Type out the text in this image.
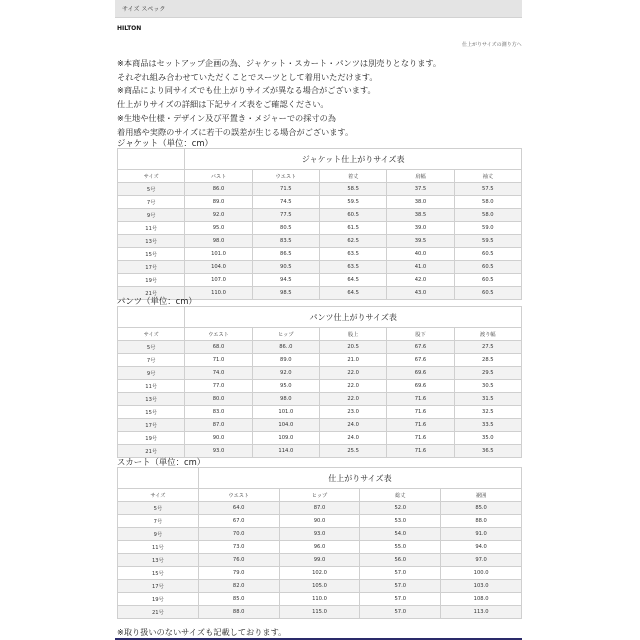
サイズ スペック
HILTON
仕上がりサイズの測り方へ
※本商品はセットアップ企画の為、ジャケット・スカート・パンツは別売りとなります。
それぞれ組み合わせていただくことでスーツとして着用いただけます。
※商品により同サイズでも仕上がりサイズが異なる場合がございます。
仕上がりサイズの詳細は下記サイズ表をご確認ください。
※生地や仕様・デザイン及び平置き・メジャーでの採寸の為
着用感や実際のサイズに若干の誤差が生じる場合がございます。
ジャケット（単位：cm）
	ジャケット仕上がりサイズ表				
サイズ	バスト	ウエスト	着丈	肩幅	袖丈
5号	86.0	71.5	58.5	37.5	57.5
7号	89.0	74.5	59.5	38.0	58.0
9号	92.0	77.5	60.5	38.5	58.0
11号	95.0	80.5	61.5	39.0	59.0
13号	98.0	83.5	62.5	39.5	59.5
15号	101.0	86.5	63.5	40.0	60.5
17号	104.0	90.5	63.5	41.0	60.5
19号	107.0	94.5	64.5	42.0	60.5
21号	110.0	98.5	64.5	43.0	60.5
パンツ（単位：cm）
	パンツ仕上がりサイズ表				
サイズ	ウエスト	ヒップ	股上	股下	渡り幅
5号	68.0	86..0	20.5	67.6	27.5
7号	71.0	89.0	21.0	67.6	28.5
9号	74.0	92.0	22.0	69.6	29.5
11号	77.0	95.0	22.0	69.6	30.5
13号	80.0	98.0	22.0	71.6	31.5
15号	83.0	101.0	23.0	71.6	32.5
17号	87.0	104.0	24.0	71.6	33.5
19号	90.0	109.0	24.0	71.6	35.0
21号	93.0	114.0	25.5	71.6	36.5
スカート（単位：cm）
	仕上がりサイズ表			
サイズ	ウエスト	ヒップ	総丈	裾囲
5号	64.0	87.0	52.0	85.0
7号	67.0	90.0	53.0	88.0
9号	70.0	93.0	54.0	91.0
11号	73.0	96.0	55.0	94.0
13号	76.0	99.0	56.0	97.0
15号	79.0	102.0	57.0	100.0
17号	82.0	105.0	57.0	103.0
19号	85.0	110.0	57.0	108.0
21号	88.0	115.0	57.0	113.0
※取り扱いのないサイズも記載しております。
